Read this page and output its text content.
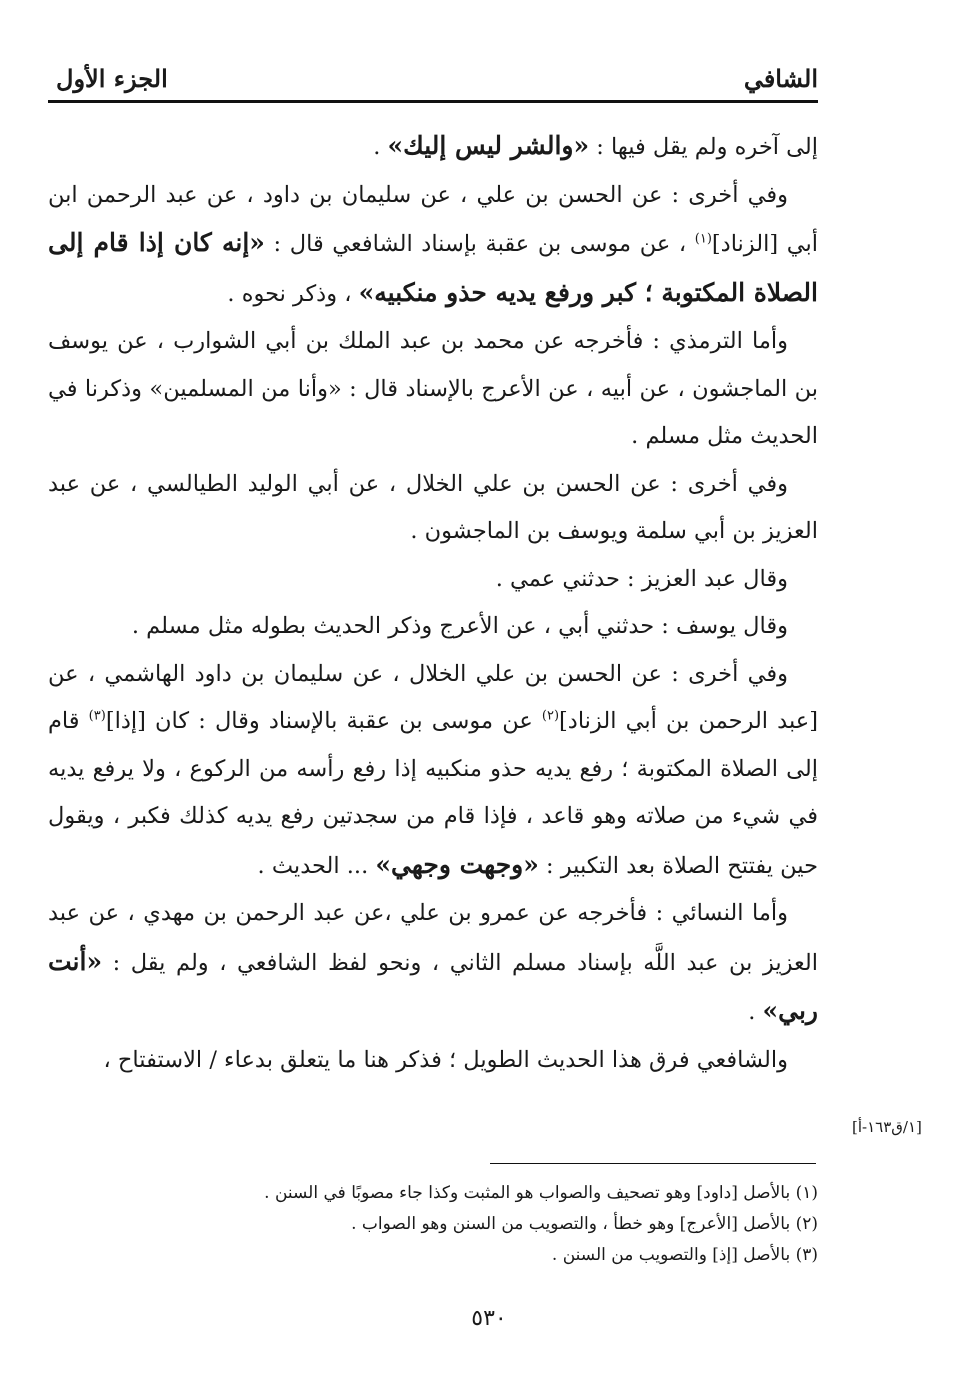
الشافي
الجزء الأول

إلى آخره ولم يقل فيها : «والشر ليس إليك» .

وفي أخرى : عن الحسن بن علي ، عن سليمان بن داود ، عن عبد الرحمن ابن أبي [الزناد]$^{(١)}$ ، عن موسى بن عقبة بإسناد الشافعي قال : «إنه كان إذا قام إلى الصلاة المكتوبة ؛ كبر ورفع يديه حذو منكبيه» ، وذكر نحوه .

وأما الترمذي : فأخرجه عن محمد بن عبد الملك بن أبي الشوارب ، عن يوسف بن الماجشون ، عن أبيه ، عن الأعرج بالإسناد قال : «وأنا من المسلمين» وذكرنا في الحديث مثل مسلم .

وفي أخرى : عن الحسن بن علي الخلال ، عن أبي الوليد الطيالسي ، عن عبد العزيز بن أبي سلمة ويوسف بن الماجشون .

وقال عبد العزيز : حدثني عمي .

وقال يوسف : حدثني أبي ، عن الأعرج وذكر الحديث بطوله مثل مسلم .

وفي أخرى : عن الحسن بن علي الخلال ، عن سليمان بن داود الهاشمي ، عن [عبد الرحمن بن أبي الزناد]$^{(٢)}$ عن موسى بن عقبة بالإسناد وقال : كان [إذا]$^{(٣)}$ قام إلى الصلاة المكتوبة ؛ رفع يديه حذو منكبيه إذا رفع رأسه من الركوع ، ولا يرفع يديه في شيء من صلاته وهو قاعد ، فإذا قام من سجدتين رفع يديه كذلك فكبر ، ويقول حين يفتتح الصلاة بعد التكبير : «وجهت وجهي» ... الحديث .

وأما النسائي : فأخرجه عن عمرو بن علي ،عن عبد الرحمن بن مهدي ، عن عبد العزيز بن عبد اللَّه بإسناد مسلم الثاني ، ونحو لفظ الشافعي ، ولم يقل : «أنت ربي» .

والشافعي فرق هذا الحديث الطويل ؛ فذكر هنا ما يتعلق بدعاء / الاستفتاح ،

[١/ق١٦٣-أ]

(١) بالأصل [داود] وهو تصحيف والصواب هو المثبت وكذا جاء مصوبًا في السنن .

(٢) بالأصل [الأعرج] وهو خطأ ، والتصويب من السنن وهو الصواب .

(٣) بالأصل [إذ] والتصويب من السنن .

٥٣٠
